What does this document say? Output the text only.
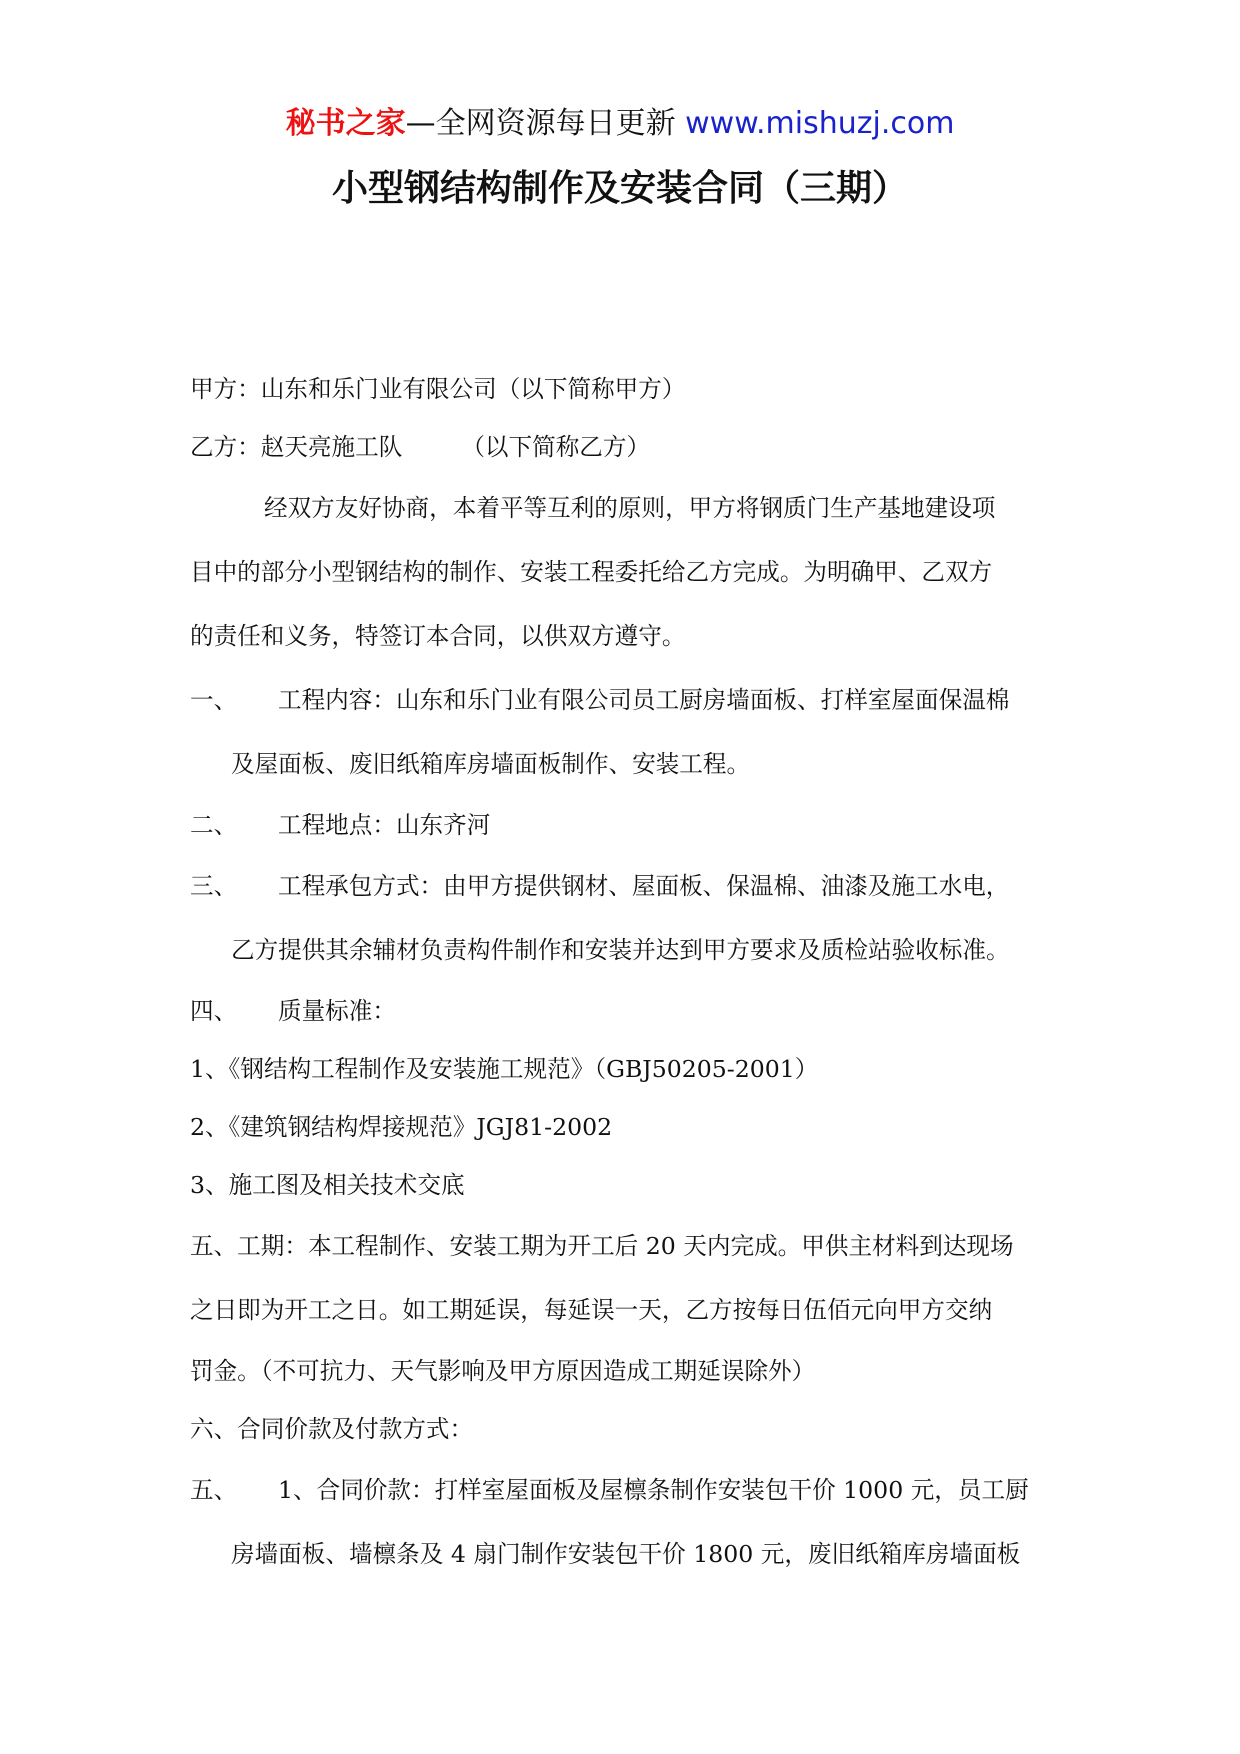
秘书之家—全网资源每日更新 www.mishuzj.com
小型钢结构制作及安装合同（三期）
甲方：山东和乐门业有限公司（以下简称甲方）
乙方：赵天亮施工队　　　（以下简称乙方）
经双方友好协商，本着平等互利的原则，甲方将钢质门生产基地建设项
目中的部分小型钢结构的制作、安装工程委托给乙方完成。为明确甲、乙双方
的责任和义务，特签订本合同，以供双方遵守。
一、 工程内容：山东和乐门业有限公司员工厨房墙面板、打样室屋面保温棉
及屋面板、废旧纸箱库房墙面板制作、安装工程。
二、 工程地点：山东齐河
三、 工程承包方式：由甲方提供钢材、屋面板、保温棉、油漆及施工水电，
乙方提供其余辅材负责构件制作和安装并达到甲方要求及质检站验收标准。
四、 质量标准：
1、《钢结构工程制作及安装施工规范》（GBJ50205-2001）
2、《建筑钢结构焊接规范》JGJ81-2002
3、施工图及相关技术交底
五、工期：本工程制作、安装工期为开工后 20 天内完成。甲供主材料到达现场
之日即为开工之日。如工期延误，每延误一天，乙方按每日伍佰元向甲方交纳
罚金。（不可抗力、天气影响及甲方原因造成工期延误除外）
六、合同价款及付款方式：
五、 1、合同价款：打样室屋面板及屋檩条制作安装包干价 1000 元，员工厨
房墙面板、墙檩条及 4 扇门制作安装包干价 1800 元，废旧纸箱库房墙面板
